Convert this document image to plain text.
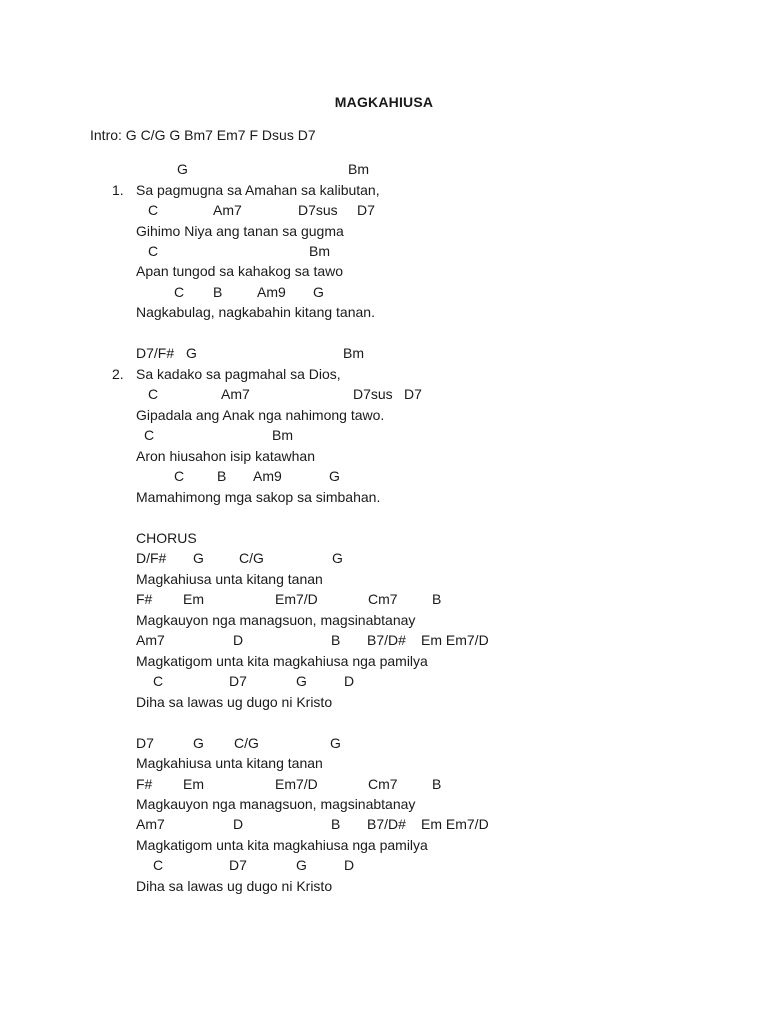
MAGKAHIUSA
Intro: G C/G G Bm7 Em7 F Dsus D7
G	Bm
1. Sa pagmugna sa Amahan sa kalibutan,
C	Am7	D7sus D7
Gihimo Niya ang tanan sa gugma
C	Bm
Apan tungod sa kahakog sa tawo
C B Am9 G
Nagkabulag, nagkabahin kitang tanan.
D7/F# G	Bm
2. Sa kadako sa pagmahal sa Dios,
C	Am7	D7sus D7
Gipadala ang Anak nga nahimong tawo.
C	Bm
Aron hiusahon isip katawhan
C B Am9	G
Mamahimong mga sakop sa simbahan.
CHORUS
D/F# G	C/G	G
Magkahiusa unta kitang tanan
F# Em	Em7/D	Cm7 B
Magkauyon nga managsuon, magsinabtanay
Am7	D	B B7/D# Em Em7/D
Magkatigom unta kita magkahiusa nga pamilya
C	D7	G	D
Diha sa lawas ug dugo ni Kristo
D7	G C/G	G
Magkahiusa unta kitang tanan
F# Em	Em7/D	Cm7 B
Magkauyon nga managsuon, magsinabtanay
Am7	D	B B7/D# Em Em7/D
Magkatigom unta kita magkahiusa nga pamilya
C	D7	G	D
Diha sa lawas ug dugo ni Kristo
